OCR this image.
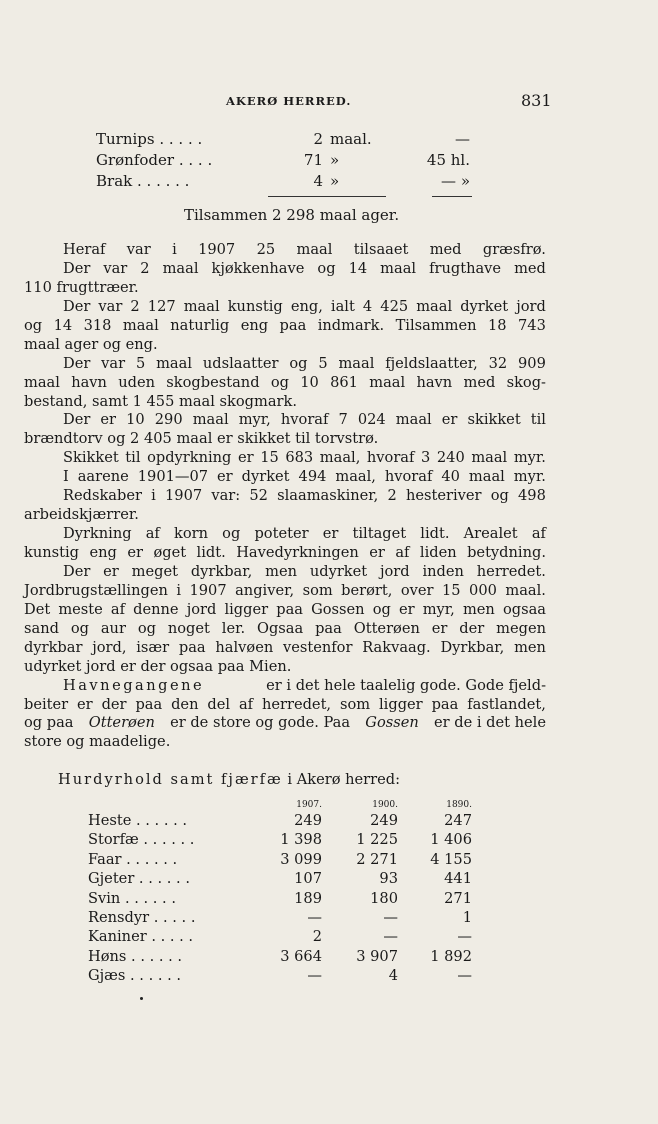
AKERØ HERRED.	831
Turnips . . . . .	2 maal.	—
Grønfoder . . . .	71 »	45 hl.
Brak . . . . . .	4 »	— »
Tilsammen 2 298 maal ager.
Heraf var i 1907 25 maal tilsaaet med græsfrø.
Der var 2 maal kjøkkenhave og 14 maal frugthave med
110 frugttræer.
Der var 2 127 maal kunstig eng, ialt 4 425 maal dyrket jord
og 14 318 maal naturlig eng paa indmark. Tilsammen 18 743
maal ager og eng.
Der var 5 maal udslaatter og 5 maal fjeldslaatter, 32 909
maal havn uden skogbestand og 10 861 maal havn med skog-
bestand, samt 1 455 maal skogmark.
Der er 10 290 maal myr, hvoraf 7 024 maal er skikket til
brændtorv og 2 405 maal er skikket til torvstrø.
Skikket til opdyrkning er 15 683 maal, hvoraf 3 240 maal myr.
I aarene 1901—07 er dyrket 494 maal, hvoraf 40 maal myr.
Redskaber i 1907 var: 52 slaamaskiner, 2 hesteriver og 498
arbeidskjærrer.
Dyrkning af korn og poteter er tiltaget lidt. Arealet af
kunstig eng er øget lidt. Havedyrkningen er af liden betydning.
Der er meget dyrkbar, men udyrket jord inden herredet.
Jordbrugstællingen i 1907 angiver, som berørt, over 15 000 maal.
Det meste af denne jord ligger paa Gossen og er myr, men ogsaa
sand og aur og noget ler. Ogsaa paa Otterøen er der megen
dyrkbar jord, især paa halvøen vestenfor Rakvaag. Dyrkbar, men
udyrket jord er der ogsaa paa Mien.
Havnegangene	er i det hele taalelig gode. Gode fjeld-
beiter er der paa den del af herredet, som ligger paa fastlandet,
og paa Otterøen er de store og gode. Paa Gossen er de i det hele
store og maadelige.
Hurdyrhold samt fjærfæ i Akerø herred:
1907.	1900.	1890.
Heste . . . . . .	249	249	247
Storfæ . . . . . .	1 398	1 225	1 406
Faar . . . . . .	3 099	2 271	4 155
Gjeter . . . . . .	107	93	441
Svin . . . . . .	189	180	271
Rensdyr . . . . .	—	—	1
Kaniner . . . . .	2	—	—
Høns . . . . . .	3 664	3 907	1 892
Gjæs . . . . . .	—	4	—
